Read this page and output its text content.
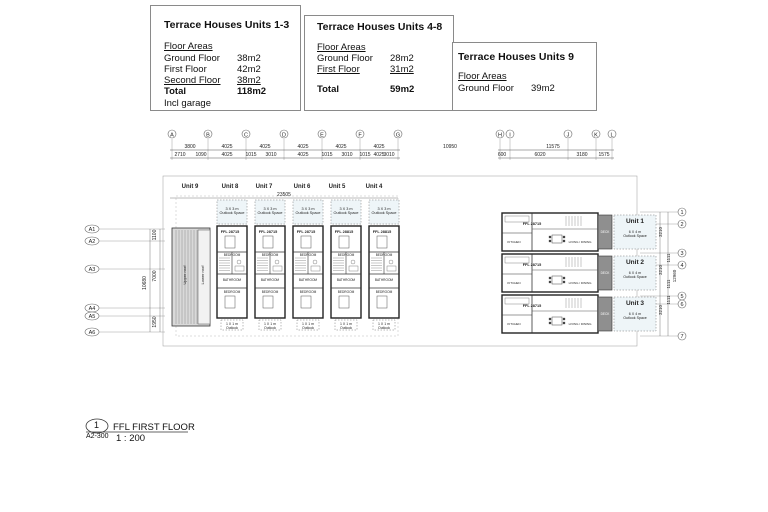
Terrace Houses Units 1-3
Floor Areas
Ground Floor 38m2
First Floor	42m2
Second Floor 38m2
Total	118m2
Incl garage
Terrace Houses Units 4-8
Floor Areas
Ground Floor 28m2
First Floor	31m2
Total	59m2
Terrace Houses Units 9
Floor Areas
Ground Floor 39m2
A	B	C	D	E	F	G	H I	J	K L
3800	4025	4025	4025	4025	4025	10950	11575
2710 1090	4025	1015 3010	4025	1015 3010	4025	600	6020	3180 1575
1015	3010
23505
A1
A2
A3
A4
A5
A6
10680
1100
7000
1950
1
2
3
4
5
6
7
3210
3210
3210
1111
1111
1111
12960
Upper roof	Lower roof
Unit 9	Unit 8	Unit 7	Unit 6	Unit 5	Unit 4
3 X 3 m Outlook Space
FFL 28715
BEDROOM
BATHROOM
BEDROOM
1 X 1 m Outlook
3 X 3 m Outlook Space
FFL 28715
BEDROOM
BATHROOM
BEDROOM
1 X 1 m Outlook
3 X 3 m Outlook Space
FFL 28715
BEDROOM
BATHROOM
BEDROOM
1 X 1 m Outlook
3 X 3 m Outlook Space
FFL 28815
BEDROOM
BATHROOM
BEDROOM
1 X 1 m Outlook
3 X 3 m Outlook Space
FFL 28815
BEDROOM
BATHROOM
BEDROOM
1 X 1 m Outlook
DECK
Unit 1
6 X 4 m Outlook Space
FFL 28715
KITCHEN	LIVING / DINING
DECK
Unit 2
6 X 4 m Outlook Space
FFL 28715
KITCHEN	LIVING / DINING
DECK
Unit 3
6 X 4 m Outlook Space
FFL 28715
KITCHEN	LIVING / DINING
1
A2-300
FFL FIRST FLOOR
1 : 200
